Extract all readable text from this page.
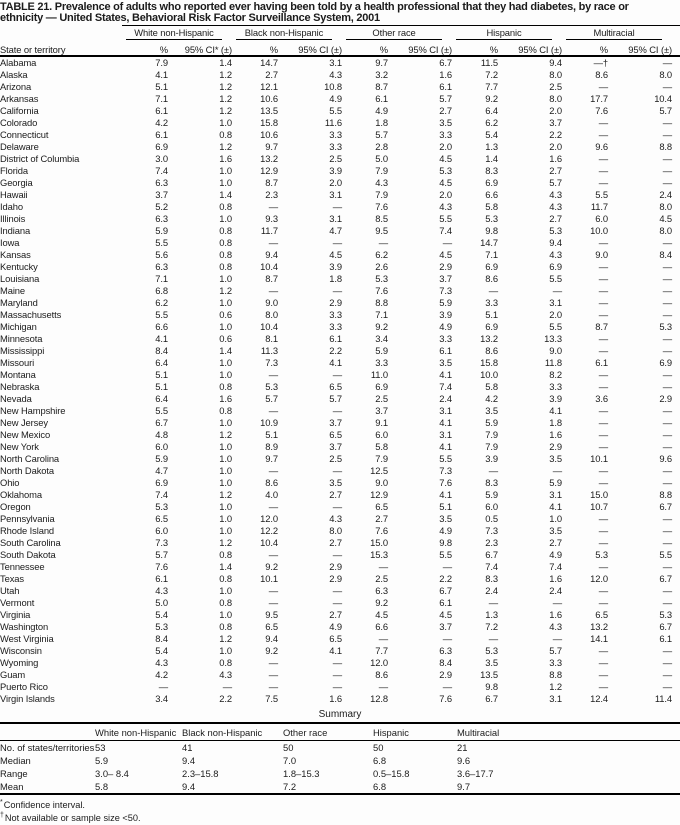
TABLE 21. Prevalence of adults who reported ever having been told by a health professional that they had diabetes, by race or
ethnicity — United States, Behavioral Risk Factor Surveillance System, 2001
State or territory	White non-Hispanic		Black non-Hispanic		Other race		Hispanic		Multiracial		

	%	95% CI* (±)	%	95% CI (±)	%	95% CI (±)	%	95% CI (±)	%	95% CI (±)	
Alabama	7.9	1.4	14.7	3.1	9.7	6.7	11.5	9.4	—†	—	
Alaska	4.1	1.2	2.7	4.3	3.2	1.6	7.2	8.0	8.6	8.0	
Arizona	5.1	1.2	12.1	10.8	8.7	6.1	7.7	2.5	—	—	
Arkansas	7.1	1.2	10.6	4.9	6.1	5.7	9.2	8.0	17.7	10.4	
California	6.1	1.2	13.5	5.5	4.9	2.7	6.4	2.0	7.6	5.7	
Colorado	4.2	1.0	15.8	11.6	1.8	3.5	6.2	3.7	—	—	
Connecticut	6.1	0.8	10.6	3.3	5.7	3.3	5.4	2.2	—	—	
Delaware	6.9	1.2	9.7	3.3	2.8	2.0	1.3	2.0	9.6	8.8	
District of Columbia	3.0	1.6	13.2	2.5	5.0	4.5	1.4	1.6	—	—	
Florida	7.4	1.0	12.9	3.9	7.9	5.3	8.3	2.7	—	—	
Georgia	6.3	1.0	8.7	2.0	4.3	4.5	6.9	5.7	—	—	
Hawaii	3.7	1.4	2.3	3.1	7.9	2.0	6.6	4.3	5.5	2.4	
Idaho	5.2	0.8	—	—	7.6	4.3	5.8	4.3	11.7	8.0	
Illinois	6.3	1.0	9.3	3.1	8.5	5.5	5.3	2.7	6.0	4.5	
Indiana	5.9	0.8	11.7	4.7	9.5	7.4	9.8	5.3	10.0	8.0	
Iowa	5.5	0.8	—	—	—	—	14.7	9.4	—	—	
Kansas	5.6	0.8	9.4	4.5	6.2	4.5	7.1	4.3	9.0	8.4	
Kentucky	6.3	0.8	10.4	3.9	2.6	2.9	6.9	6.9	—	—	
Louisiana	7.1	1.0	8.7	1.8	5.3	3.7	8.6	5.5	—	—	
Maine	6.8	1.2	—	—	7.6	7.3	—	—	—	—	
Maryland	6.2	1.0	9.0	2.9	8.8	5.9	3.3	3.1	—	—	
Massachusetts	5.5	0.6	8.0	3.3	7.1	3.9	5.1	2.0	—	—	
Michigan	6.6	1.0	10.4	3.3	9.2	4.9	6.9	5.5	8.7	5.3	
Minnesota	4.1	0.6	8.1	6.1	3.4	3.3	13.2	13.3	—	—	
Mississippi	8.4	1.4	11.3	2.2	5.9	6.1	8.6	9.0	—	—	
Missouri	6.4	1.0	7.3	4.1	3.3	3.5	15.8	11.8	6.1	6.9	
Montana	5.1	1.0	—	—	11.0	4.1	10.0	8.2	—	—	
Nebraska	5.1	0.8	5.3	6.5	6.9	7.4	5.8	3.3	—	—	
Nevada	6.4	1.6	5.7	5.7	2.5	2.4	4.2	3.9	3.6	2.9	
New Hampshire	5.5	0.8	—	—	3.7	3.1	3.5	4.1	—	—	
New Jersey	6.7	1.0	10.9	3.7	9.1	4.1	5.9	1.8	—	—	
New Mexico	4.8	1.2	5.1	6.5	6.0	3.1	7.9	1.6	—	—	
New York	6.0	1.0	8.9	3.7	5.8	4.1	7.9	2.9	—	—	
North Carolina	5.9	1.0	9.7	2.5	7.9	5.5	3.9	3.5	10.1	9.6	
North Dakota	4.7	1.0	—	—	12.5	7.3	—	—	—	—	
Ohio	6.9	1.0	8.6	3.5	9.0	7.6	8.3	5.9	—	—	
Oklahoma	7.4	1.2	4.0	2.7	12.9	4.1	5.9	3.1	15.0	8.8	
Oregon	5.3	1.0	—	—	6.5	5.1	6.0	4.1	10.7	6.7	
Pennsylvania	6.5	1.0	12.0	4.3	2.7	3.5	0.5	1.0	—	—	
Rhode Island	6.0	1.0	12.2	8.0	7.6	4.9	7.3	3.5	—	—	
South Carolina	7.3	1.2	10.4	2.7	15.0	9.8	2.3	2.7	—	—	
South Dakota	5.7	0.8	—	—	15.3	5.5	6.7	4.9	5.3	5.5	
Tennessee	7.6	1.4	9.2	2.9	—	—	7.4	7.4	—	—	
Texas	6.1	0.8	10.1	2.9	2.5	2.2	8.3	1.6	12.0	6.7	
Utah	4.3	1.0	—	—	6.3	6.7	2.4	2.4	—	—	
Vermont	5.0	0.8	—	—	9.2	6.1	—	—	—	—	
Virginia	5.4	1.0	9.5	2.7	4.5	4.5	1.3	1.6	6.5	5.3	
Washington	5.3	0.8	6.5	4.9	6.6	3.7	7.2	4.3	13.2	6.7	
West Virginia	8.4	1.2	9.4	6.5	—	—	—	—	14.1	6.1	
Wisconsin	5.4	1.0	9.2	4.1	7.7	6.3	5.3	5.7	—	—	
Wyoming	4.3	0.8	—	—	12.0	8.4	3.5	3.3	—	—	
Guam	4.2	4.3	—	—	8.6	2.9	13.5	8.8	—	—	
Puerto Rico	—	—	—	—	—	—	9.8	1.2	—	—	
Virgin Islands	3.4	2.2	7.5	1.6	12.8	7.6	6.7	3.1	12.4	11.4	
Summary
	White non-Hispanic	Black non-Hispanic	Other race	Hispanic	Multiracial	
No. of states/territories	53	41	50	50	21	
Median	5.9	9.4	7.0	6.8	9.6	
Range	3.0– 8.4	2.3–15.8	1.8–15.3	0.5–15.8	3.6–17.7	
Mean	5.8	9.4	7.2	6.8	9.7	
*Confidence interval.
†Not available or sample size <50.
